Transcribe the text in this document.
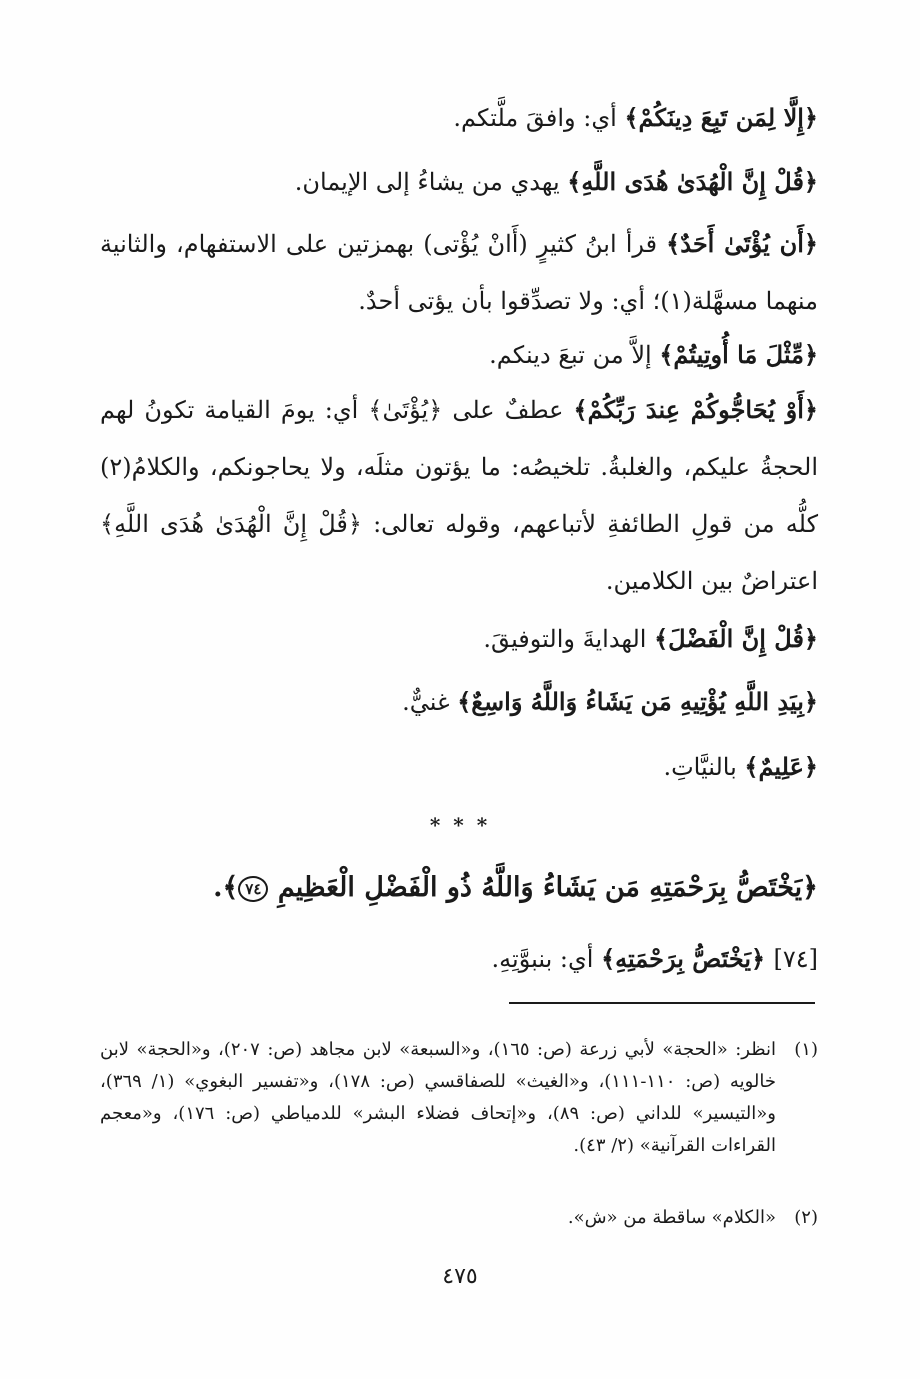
﴿إِلَّا لِمَن تَبِعَ دِينَكُمْ﴾ أي: وافقَ ملَّتكم.
﴿قُلْ إِنَّ الْهُدَىٰ هُدَى اللَّهِ﴾ يهدي من يشاءُ إلى الإيمان.
﴿أَن يُؤْتَىٰ أَحَدٌ﴾ قرأ ابنُ كثيرٍ (أَانْ يُؤْتى) بهمزتين على الاستفهام، والثانية منهما مسهَّلة(١)؛ أي: ولا تصدِّقوا بأن يؤتى أحدٌ.
﴿مِّثْلَ مَا أُوتِيتُمْ﴾ إلاَّ من تبعَ دينكم.
﴿أَوْ يُحَاجُّوكُمْ عِندَ رَبِّكُمْ﴾ عطفٌ على ﴿يُؤْتَىٰ﴾ أي: يومَ القيامة تكونُ لهم الحجةُ عليكم، والغلبةُ. تلخيصُه: ما يؤتون مثلَه، ولا يحاجونكم، والكلامُ(٢) كلُّه من قولِ الطائفةِ لأتباعهم، وقوله تعالى: ﴿قُلْ إِنَّ الْهُدَىٰ هُدَى اللَّهِ﴾ اعتراضٌ بين الكلامين.
﴿قُلْ إِنَّ الْفَضْلَ﴾ الهدايةَ والتوفيقَ.
﴿بِيَدِ اللَّهِ يُؤْتِيهِ مَن يَشَاءُ وَاللَّهُ وَاسِعٌ﴾ غنيٌّ.
﴿عَلِيمٌ﴾ بالنيَّاتِ.
* * *
﴿يَخْتَصُّ بِرَحْمَتِهِ مَن يَشَاءُ وَاللَّهُ ذُو الْفَضْلِ الْعَظِيمِ ٧٤﴾.
[٧٤] ﴿يَخْتَصُّ بِرَحْمَتِهِ﴾ أي: بنبوَّتِهِ.
(١)انظر: «الحجة» لأبي زرعة (ص: ١٦٥)، و«السبعة» لابن مجاهد (ص: ٢٠٧)، و«الحجة» لابن خالويه (ص: ١١٠-١١١)، و«الغيث» للصفاقسي (ص: ١٧٨)، و«تفسير البغوي» (١/ ٣٦٩)، و«التيسير» للداني (ص: ٨٩)، و«إتحاف فضلاء البشر» للدمياطي (ص: ١٧٦)، و«معجم القراءات القرآنية» (٢/ ٤٣).
(٢)«الكلام» ساقطة من «ش».
٤٧٥
